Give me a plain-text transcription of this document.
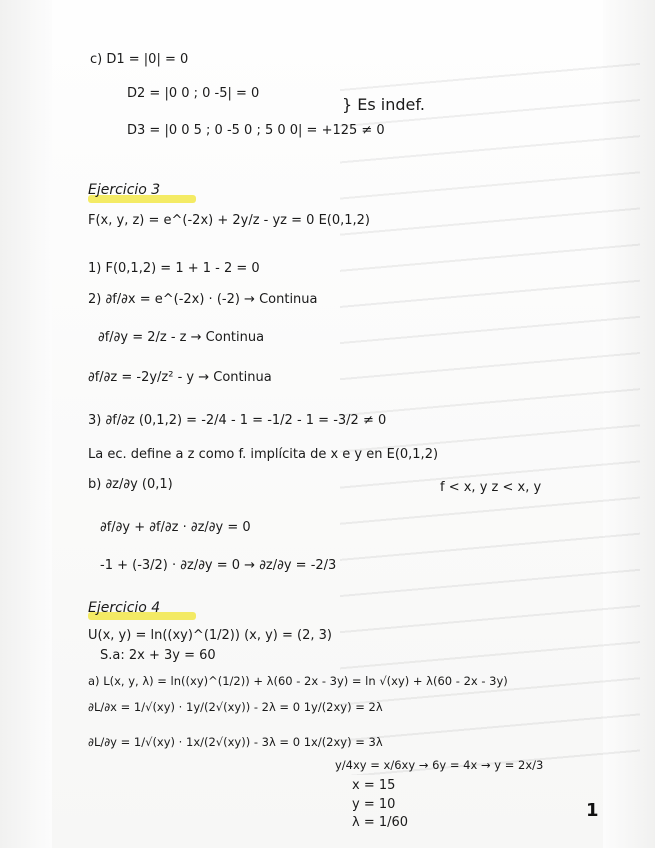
c) D1 = |0| = 0
D2 = |0 0 ; 0 -5| = 0
D3 = |0 0 5 ; 0 -5 0 ; 5 0 0| = +125 ≠ 0
} Es indef.
Ejercicio 3
F(x, y, z) = e^(-2x) + 2y/z - yz = 0 E(0,1,2)
1) F(0,1,2) = 1 + 1 - 2 = 0
2) ∂f/∂x = e^(-2x) · (-2) → Continua
∂f/∂y = 2/z - z → Continua
∂f/∂z = -2y/z² - y → Continua
3) ∂f/∂z (0,1,2) = -2/4 - 1 = -1/2 - 1 = -3/2 ≠ 0
La ec. define a z como f. implícita de x e y en E(0,1,2)
f < x, y z < x, y
b) ∂z/∂y (0,1)
∂f/∂y + ∂f/∂z · ∂z/∂y = 0
-1 + (-3/2) · ∂z/∂y = 0 → ∂z/∂y = -2/3
Ejercicio 4
U(x, y) = ln((xy)^(1/2)) (x, y) = (2, 3)
S.a: 2x + 3y = 60
a) L(x, y, λ) = ln((xy)^(1/2)) + λ(60 - 2x - 3y) = ln √(xy) + λ(60 - 2x - 3y)
∂L/∂x = 1/√(xy) · 1y/(2√(xy)) - 2λ = 0 1y/(2xy) = 2λ
∂L/∂y = 1/√(xy) · 1x/(2√(xy)) - 3λ = 0 1x/(2xy) = 3λ
y/4xy = x/6xy → 6y = 4x → y = 2x/3
x = 15
y = 10
λ = 1/60
1
